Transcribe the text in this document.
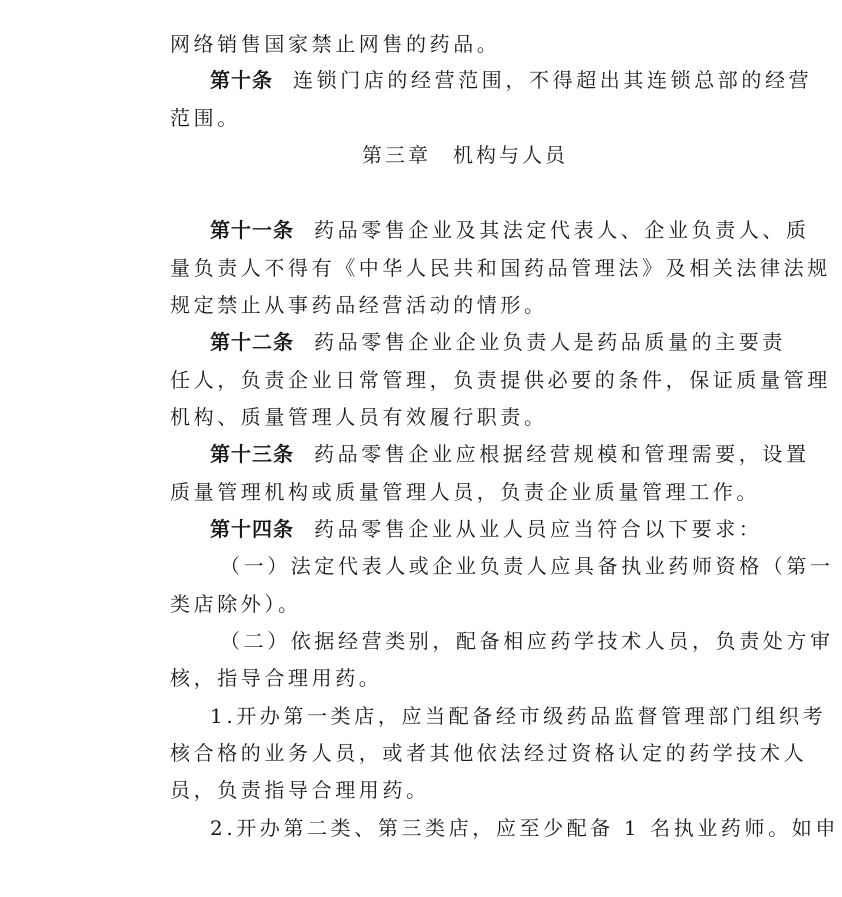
网络销售国家禁止网售的药品。
第十条 连锁门店的经营范围，不得超出其连锁总部的经营
范围。
第三章 机构与人员
第十一条 药品零售企业及其法定代表人、企业负责人、质
量负责人不得有《中华人民共和国药品管理法》及相关法律法规
规定禁止从事药品经营活动的情形。
第十二条 药品零售企业企业负责人是药品质量的主要责
任人，负责企业日常管理，负责提供必要的条件，保证质量管理
机构、质量管理人员有效履行职责。
第十三条 药品零售企业应根据经营规模和管理需要，设置
质量管理机构或质量管理人员，负责企业质量管理工作。
第十四条 药品零售企业从业人员应当符合以下要求：
（一）法定代表人或企业负责人应具备执业药师资格（第一
类店除外）。
（二）依据经营类别，配备相应药学技术人员，负责处方审
核，指导合理用药。
1.开办第一类店，应当配备经市级药品监督管理部门组织考
核合格的业务人员，或者其他依法经过资格认定的药学技术人
员，负责指导合理用药。
2.开办第二类、第三类店，应至少配备 1 名执业药师。如申
